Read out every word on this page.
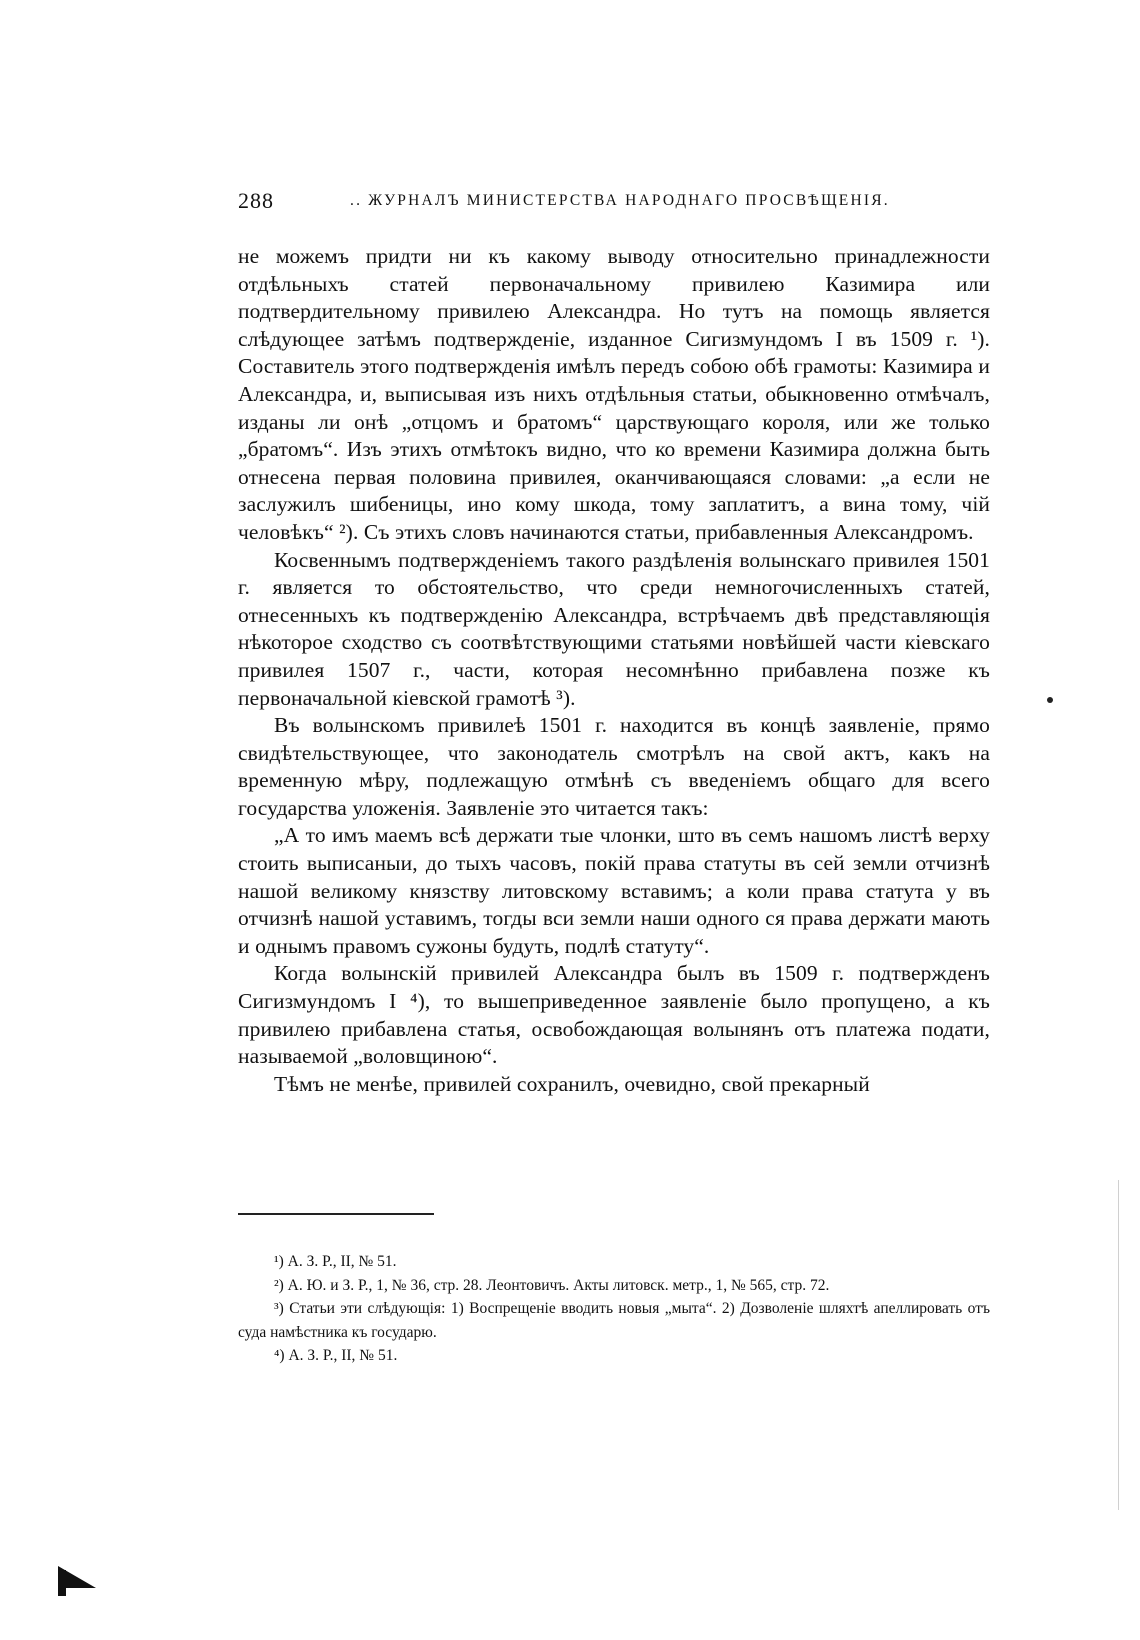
288	.. ЖУРНАЛЪ МИНИСТЕРСТВА НАРОДНАГО ПРОСВѢЩЕНІЯ.

не можемъ придти ни къ какому выводу относительно принадлежности отдѣльныхъ статей первоначальному привилею Казимира или подтвердительному привилею Александра. Но тутъ на помощь является слѣдующее затѣмъ подтвержденіе, изданное Сигизмундомъ I въ 1509 г. ¹). Составитель этого подтвержденія имѣлъ передъ собою обѣ грамоты: Казимира и Александра, и, выписывая изъ нихъ отдѣльныя статьи, обыкновенно отмѣчалъ, изданы ли онѣ „отцомъ и братомъ“ царствующаго короля, или же только „братомъ“. Изъ этихъ отмѣтокъ видно, что ко времени Казимира должна быть отнесена первая половина привилея, оканчивающаяся словами: „а если не заслужилъ шибеницы, ино кому шкода, тому заплатитъ, а вина тому, чій человѣкъ“ ²). Съ этихъ словъ начинаются статьи, прибавленныя Александромъ.

Косвеннымъ подтвержденіемъ такого раздѣленія волынскаго привилея 1501 г. является то обстоятельство, что среди немногочисленныхъ статей, отнесенныхъ къ подтвержденію Александра, встрѣчаемъ двѣ представляющія нѣкоторое сходство съ соотвѣтствующими статьями новѣйшей части кіевскаго привилея 1507 г., части, которая несомнѣнно прибавлена позже къ первоначальной кіевской грамотѣ ³).

Въ волынскомъ привилеѣ 1501 г. находится въ концѣ заявленіе, прямо свидѣтельствующее, что законодатель смотрѣлъ на свой актъ, какъ на временную мѣру, подлежащую отмѣнѣ съ введеніемъ общаго для всего государства уложенія. Заявленіе это читается такъ:

„А то имъ маемъ всѣ держати тые члонки, што въ семъ нашомъ листѣ верху стоить выписаныи, до тыхъ часовъ, покій права статуты въ сей земли отчизнѣ нашой великому князству литовскому вставимъ; а коли права статута у въ отчизнѣ нашой уставимъ, тогды вси земли наши одного ся права держати мають и однымъ правомъ сужоны будуть, подлѣ статуту“.

Когда волынскій привилей Александра былъ въ 1509 г. подтвержденъ Сигизмундомъ I ⁴), то вышеприведенное заявленіе было пропущено, а къ привилею прибавлена статья, освобождающая волынянъ отъ платежа подати, называемой „воловщиною“.

Тѣмъ не менѣе, привилей сохранилъ, очевидно, свой прекарный

¹) А. З. Р., II, № 51.

²) А. Ю. и З. Р., 1, № 36, стр. 28. Леонтовичъ. Акты литовск. метр., 1, № 565, стр. 72.

³) Статьи эти слѣдующія: 1) Воспрещеніе вводить новыя „мыта“. 2) Дозволеніе шляхтѣ апеллировать отъ суда намѣстника къ государю.

⁴) А. З. Р., II, № 51.
